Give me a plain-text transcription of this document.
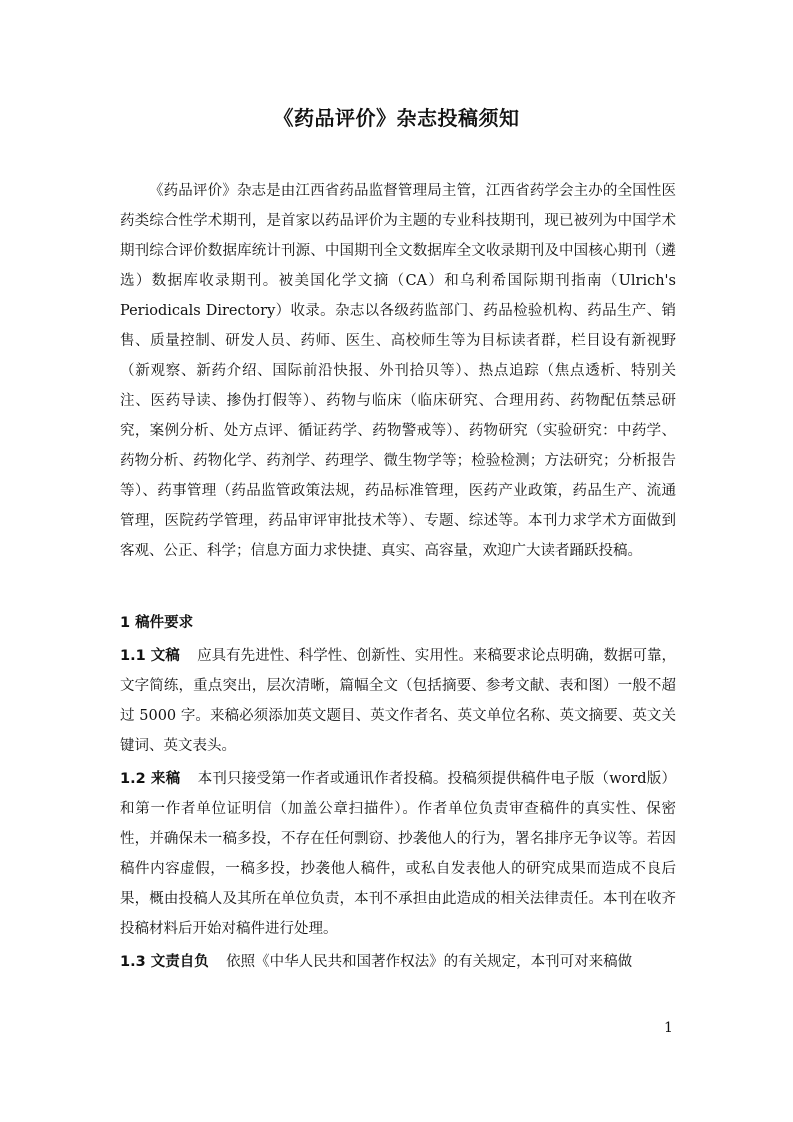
《药品评价》杂志投稿须知

《药品评价》杂志是由江西省药品监督管理局主管，江西省药学会主办的全国性医药类综合性学术期刊，是首家以药品评价为主题的专业科技期刊，现已被列为中国学术期刊综合评价数据库统计刊源、中国期刊全文数据库全文收录期刊及中国核心期刊（遴选）数据库收录期刊。被美国化学文摘（CA）和乌利希国际期刊指南（Ulrich's Periodicals Directory）收录。杂志以各级药监部门、药品检验机构、药品生产、销售、质量控制、研发人员、药师、医生、高校师生等为目标读者群，栏目设有新视野（新观察、新药介绍、国际前沿快报、外刊拾贝等）、热点追踪（焦点透析、特别关注、医药导读、掺伪打假等）、药物与临床（临床研究、合理用药、药物配伍禁忌研究，案例分析、处方点评、循证药学、药物警戒等）、药物研究（实验研究：中药学、药物分析、药物化学、药剂学、药理学、微生物学等；检验检测；方法研究；分析报告等）、药事管理（药品监管政策法规，药品标准管理，医药产业政策，药品生产、流通管理，医院药学管理，药品审评审批技术等）、专题、综述等。本刊力求学术方面做到客观、公正、科学；信息方面力求快捷、真实、高容量，欢迎广大读者踊跃投稿。

1 稿件要求

1.1 文稿 应具有先进性、科学性、创新性、实用性。来稿要求论点明确，数据可靠，文字简练，重点突出，层次清晰，篇幅全文（包括摘要、参考文献、表和图）一般不超过 5000 字。来稿必须添加英文题目、英文作者名、英文单位名称、英文摘要、英文关键词、英文表头。

1.2 来稿 本刊只接受第一作者或通讯作者投稿。投稿须提供稿件电子版（word版）和第一作者单位证明信（加盖公章扫描件）。作者单位负责审查稿件的真实性、保密性，并确保未一稿多投，不存在任何剽窃、抄袭他人的行为，署名排序无争议等。若因稿件内容虚假，一稿多投，抄袭他人稿件，或私自发表他人的研究成果而造成不良后果，概由投稿人及其所在单位负责，本刊不承担由此造成的相关法律责任。本刊在收齐投稿材料后开始对稿件进行处理。

1.3 文责自负 依照《中华人民共和国著作权法》的有关规定，本刊可对来稿做

1
